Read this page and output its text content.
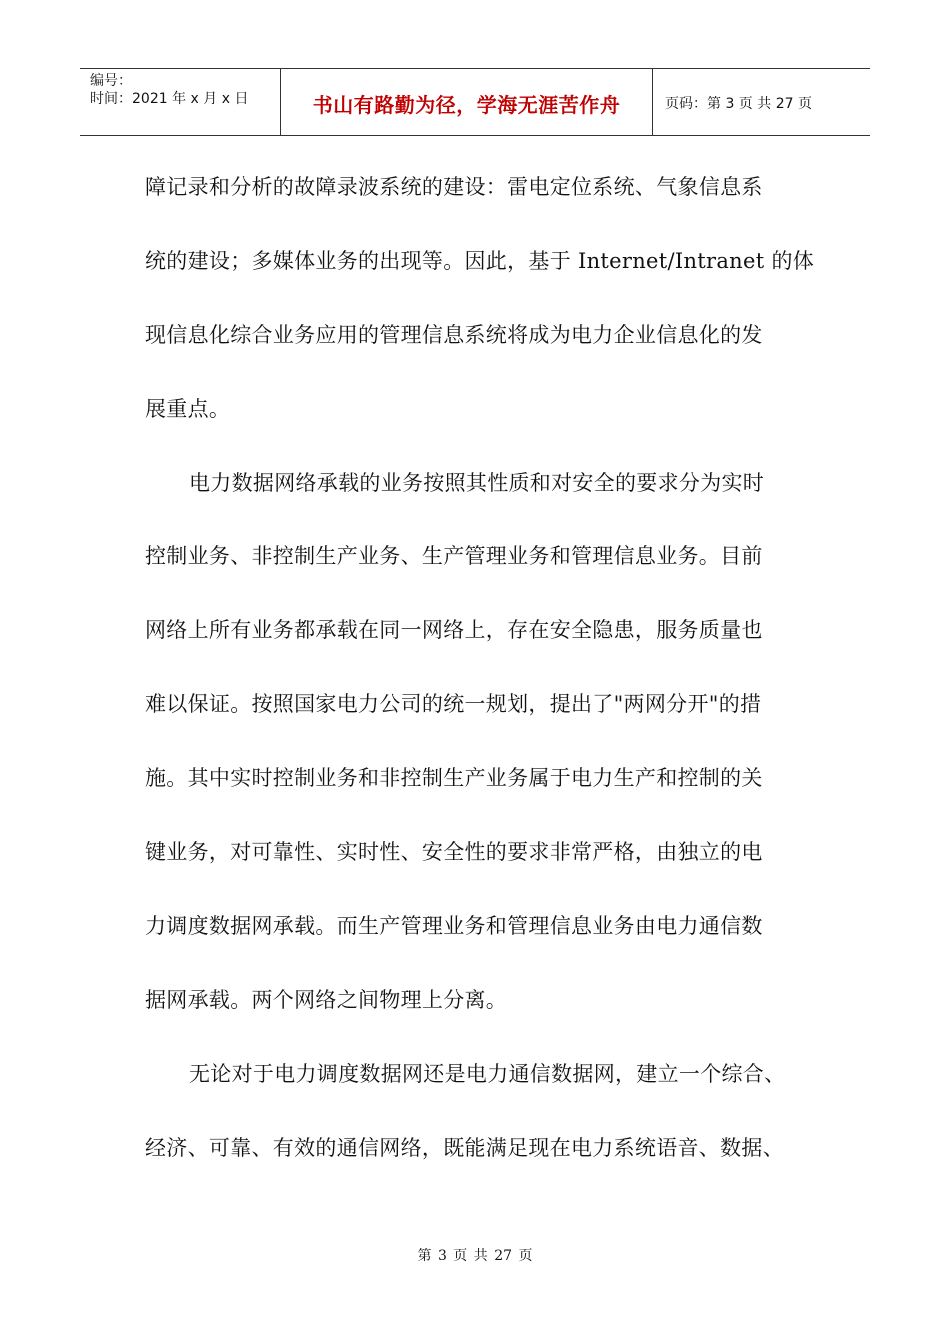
编号：
时间：2021 年 x 月 x 日	书山有路勤为径，学海无涯苦作舟	页码：第 3 页 共 27 页
障记录和分析的故障录波系统的建设：雷电定位系统、气象信息系
统的建设；多媒体业务的出现等。因此，基于 Internet/Intranet 的体
现信息化综合业务应用的管理信息系统将成为电力企业信息化的发
展重点。
电力数据网络承载的业务按照其性质和对安全的要求分为实时
控制业务、非控制生产业务、生产管理业务和管理信息业务。目前
网络上所有业务都承载在同一网络上，存在安全隐患，服务质量也
难以保证。按照国家电力公司的统一规划，提出了"两网分开"的措
施。其中实时控制业务和非控制生产业务属于电力生产和控制的关
键业务，对可靠性、实时性、安全性的要求非常严格，由独立的电
力调度数据网承载。而生产管理业务和管理信息业务由电力通信数
据网承载。两个网络之间物理上分离。
无论对于电力调度数据网还是电力通信数据网，建立一个综合、
经济、可靠、有效的通信网络，既能满足现在电力系统语音、数据、
第 3 页 共 27 页
